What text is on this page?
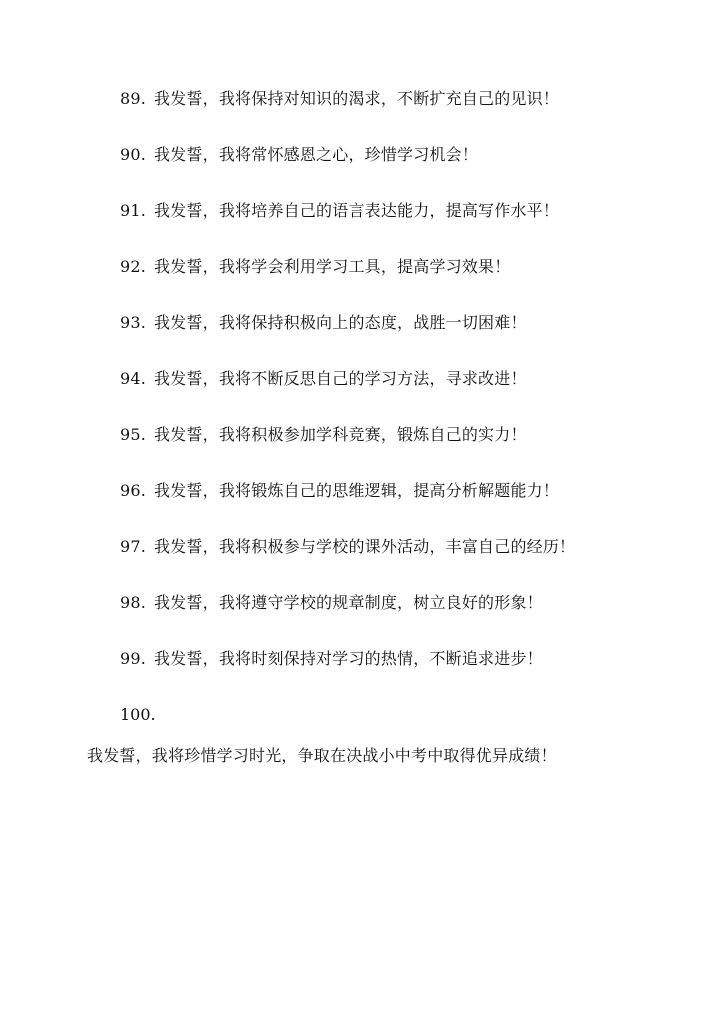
89. 我发誓，我将保持对知识的渴求，不断扩充自己的见识！
90. 我发誓，我将常怀感恩之心，珍惜学习机会！
91. 我发誓，我将培养自己的语言表达能力，提高写作水平！
92. 我发誓，我将学会利用学习工具，提高学习效果！
93. 我发誓，我将保持积极向上的态度，战胜一切困难！
94. 我发誓，我将不断反思自己的学习方法，寻求改进！
95. 我发誓，我将积极参加学科竞赛，锻炼自己的实力！
96. 我发誓，我将锻炼自己的思维逻辑，提高分析解题能力！
97. 我发誓，我将积极参与学校的课外活动，丰富自己的经历！
98. 我发誓，我将遵守学校的规章制度，树立良好的形象！
99. 我发誓，我将时刻保持对学习的热情，不断追求进步！
100.
我发誓，我将珍惜学习时光，争取在决战小中考中取得优异成绩！
